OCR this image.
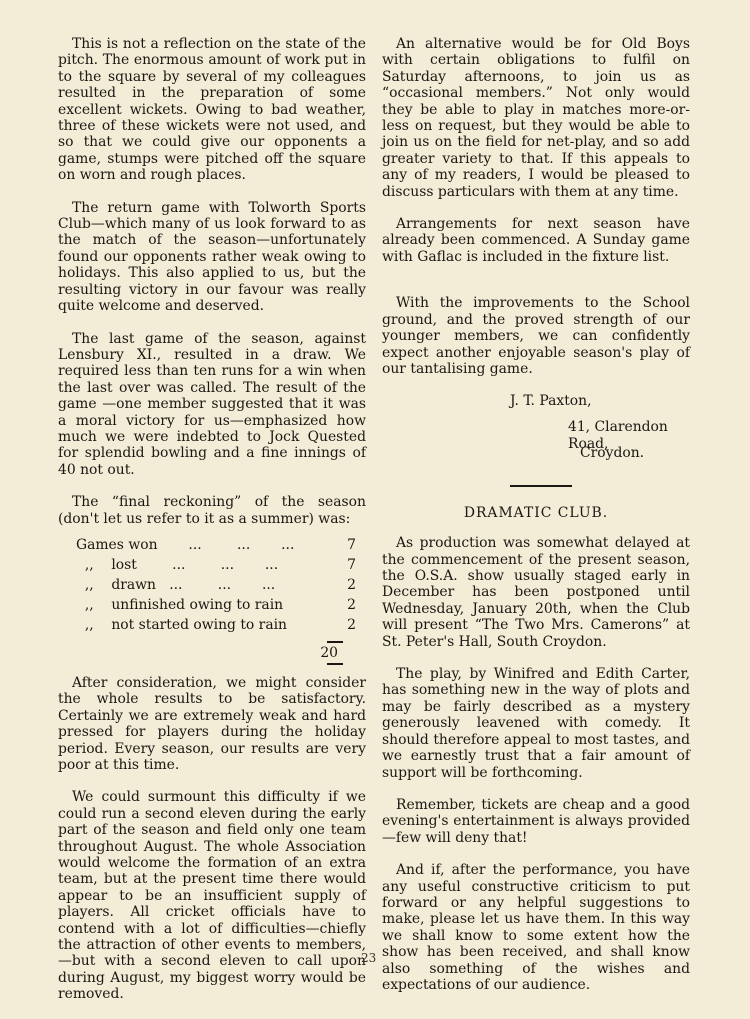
This is not a reflection on the state of the pitch. The enormous amount of work put in to the square by several of my colleagues resulted in the preparation of some excellent wickets. Owing to bad weather, three of these wickets were not used, and so that we could give our opponents a game, stumps were pitched off the square on worn and rough places.

The return game with Tolworth Sports Club—which many of us look forward to as the match of the season—unfortunately found our opponents rather weak owing to holidays. This also applied to us, but the resulting victory in our favour was really quite welcome and deserved.

The last game of the season, against Lensbury XI., resulted in a draw. We required less than ten runs for a win when the last over was called. The result of the game —one member suggested that it was a moral victory for us—emphasized how much we were indebted to Jock Quested for splendid bowling and a fine innings of 40 not out.

The “final reckoning” of the season (don't let us refer to it as a summer) was:

Games won       ...        ...       ...	7
,,    lost        ...        ...       ...	7
,,    drawn   ...        ...       ...	2
,,    unfinished owing to rain	2
,,    not started owing to rain	2
20

After consideration, we might consider the whole results to be satisfactory. Certainly we are extremely weak and hard pressed for players during the holiday period. Every season, our results are very poor at this time.

We could surmount this difficulty if we could run a second eleven during the early part of the season and field only one team throughout August. The whole Association would welcome the formation of an extra team, but at the present time there would appear to be an insufficient supply of players. All cricket officials have to contend with a lot of difficulties—chiefly the attraction of other events to members,—but with a second eleven to call upon during August, my biggest worry would be removed.

An alternative would be for Old Boys with certain obligations to fulfil on Saturday afternoons, to join us as “occasional members.” Not only would they be able to play in matches more-or-less on request, but they would be able to join us on the field for net-play, and so add greater variety to that. If this appeals to any of my readers, I would be pleased to discuss particulars with them at any time.

Arrangements for next season have already been commenced. A Sunday game with Gaflac is included in the fixture list.

With the improvements to the School ground, and the proved strength of our younger members, we can confidently expect another enjoyable season's play of our tantalising game.

J. T. Paxton,
41, Clarendon Road,
Croydon.
DRAMATIC CLUB.

As production was somewhat delayed at the commencement of the present season, the O.S.A. show usually staged early in December has been postponed until Wednesday, January 20th, when the Club will present “The Two Mrs. Camerons” at St. Peter's Hall, South Croydon.

The play, by Winifred and Edith Carter, has something new in the way of plots and may be fairly described as a mystery generously leavened with comedy. It should therefore appeal to most tastes, and we earnestly trust that a fair amount of support will be forthcoming.

Remember, tickets are cheap and a good evening's entertainment is always provided —few will deny that!

And if, after the performance, you have any useful constructive criticism to put forward or any helpful suggestions to make, please let us have them. In this way we shall know to some extent how the show has been received, and shall know also something of the wishes and expectations of our audience.

23
